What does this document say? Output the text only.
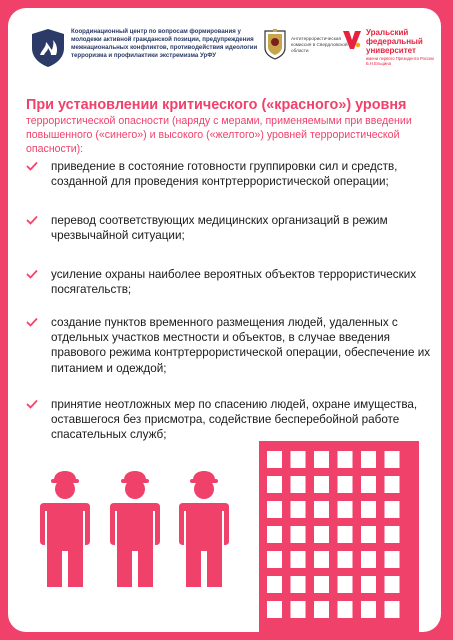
Координационный центр по вопросам формирования у молодежи активной гражданской позиции, предупреждения межнациональных конфликтов, противодействия идеологии терроризма и профилактики экстремизма УрФУ
Антитеррористическая комиссия в Свердловской области
Уральский федеральный университет
имени первого Президента России Б.Н.Ельцина
При установлении критического («красного») уровня
террористической опасности (наряду с мерами, применяемыми при введении повышенного («синего») и высокого («желтого») уровней террористической опасности):
приведение в состояние готовности группировки сил и средств, созданной для проведения контртеррористической операции;
перевод соответствующих медицинских организаций в режим чрезвычайной ситуации;
усиление охраны наиболее вероятных объектов террористических посягательств;
создание пунктов временного размещения людей, удаленных с отдельных участков местности и объектов, в случае введения правового режима контртеррористической операции, обеспечение их питанием и одеждой;
принятие неотложных мер по спасению людей, охране имущества, оставшегося без присмотра, содействие бесперебойной работе спасательных служб;
